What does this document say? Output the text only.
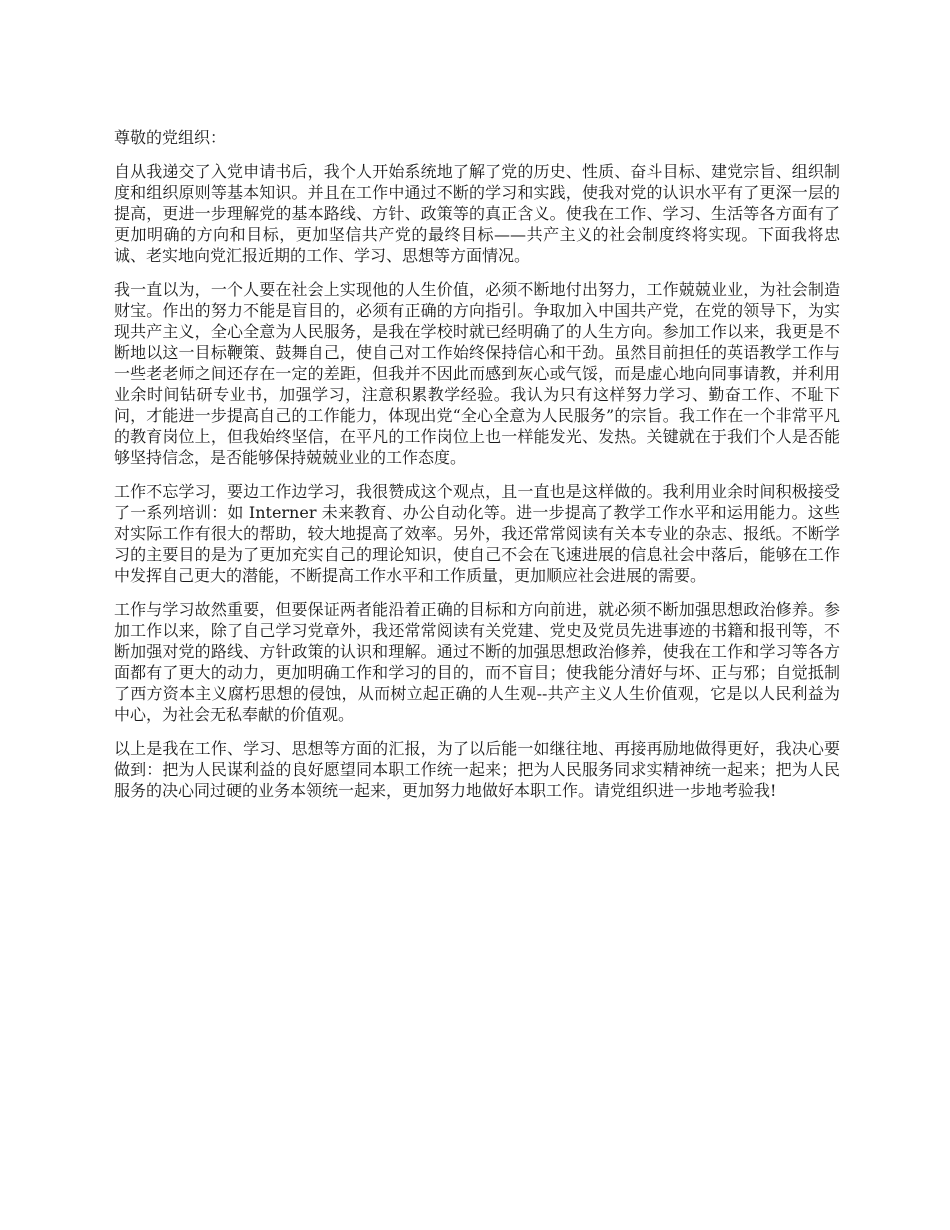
尊敬的党组织：

自从我递交了入党申请书后，我个人开始系统地了解了党的历史、性质、奋斗目标、建党宗旨、组织制度和组织原则等基本知识。并且在工作中通过不断的学习和实践，使我对党的认识水平有了更深一层的提高，更进一步理解党的基本路线、方针、政策等的真正含义。使我在工作、学习、生活等各方面有了更加明确的方向和目标，更加坚信共产党的最终目标——共产主义的社会制度终将实现。下面我将忠诚、老实地向党汇报近期的工作、学习、思想等方面情况。

我一直以为，一个人要在社会上实现他的人生价值，必须不断地付出努力，工作兢兢业业，为社会制造财宝。作出的努力不能是盲目的，必须有正确的方向指引。争取加入中国共产党，在党的领导下，为实现共产主义，全心全意为人民服务，是我在学校时就已经明确了的人生方向。参加工作以来，我更是不断地以这一目标鞭策、鼓舞自己，使自己对工作始终保持信心和干劲。虽然目前担任的英语教学工作与一些老老师之间还存在一定的差距，但我并不因此而感到灰心或气馁，而是虚心地向同事请教，并利用业余时间钻研专业书，加强学习，注意积累教学经验。我认为只有这样努力学习、勤奋工作、不耻下问，才能进一步提高自己的工作能力，体现出党“全心全意为人民服务”的宗旨。我工作在一个非常平凡的教育岗位上，但我始终坚信，在平凡的工作岗位上也一样能发光、发热。关键就在于我们个人是否能够坚持信念，是否能够保持兢兢业业的工作态度。

工作不忘学习，要边工作边学习，我很赞成这个观点，且一直也是这样做的。我利用业余时间积极接受了一系列培训：如 Interner 未来教育、办公自动化等。进一步提高了教学工作水平和运用能力。这些对实际工作有很大的帮助，较大地提高了效率。另外，我还常常阅读有关本专业的杂志、报纸。不断学习的主要目的是为了更加充实自己的理论知识，使自己不会在飞速进展的信息社会中落后，能够在工作中发挥自己更大的潜能，不断提高工作水平和工作质量，更加顺应社会进展的需要。

工作与学习故然重要，但要保证两者能沿着正确的目标和方向前进，就必须不断加强思想政治修养。参加工作以来，除了自己学习党章外，我还常常阅读有关党建、党史及党员先进事迹的书籍和报刊等，不断加强对党的路线、方针政策的认识和理解。通过不断的加强思想政治修养，使我在工作和学习等各方面都有了更大的动力，更加明确工作和学习的目的，而不盲目；使我能分清好与坏、正与邪；自觉抵制了西方资本主义腐朽思想的侵蚀，从而树立起正确的人生观--共产主义人生价值观，它是以人民利益为中心，为社会无私奉献的价值观。

以上是我在工作、学习、思想等方面的汇报，为了以后能一如继往地、再接再励地做得更好，我决心要做到：把为人民谋利益的良好愿望同本职工作统一起来；把为人民服务同求实精神统一起来；把为人民服务的决心同过硬的业务本领统一起来，更加努力地做好本职工作。请党组织进一步地考验我!
